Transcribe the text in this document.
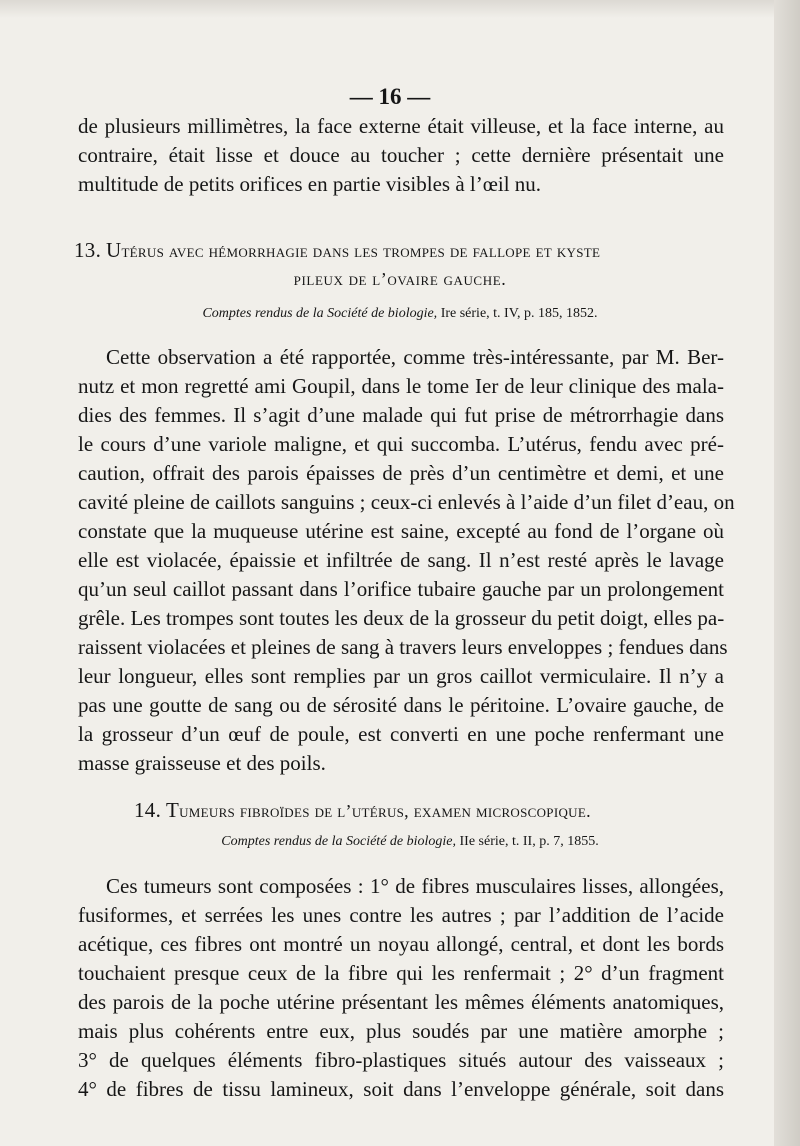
— 16 —
de plusieurs millimètres, la face externe était villeuse, et la face interne, au
contraire, était lisse et douce au toucher ; cette dernière présentait une
multitude de petits orifices en partie visibles à l’œil nu.
13. Utérus avec hémorrhagie dans les trompes de fallope et kyste
pileux de l’ovaire gauche.
Comptes rendus de la Société de biologie, Ire série, t. IV, p. 185, 1852.
Cette observation a été rapportée, comme très-intéressante, par M. Ber-
nutz et mon regretté ami Goupil, dans le tome Ier de leur clinique des mala-
dies des femmes. Il s’agit d’une malade qui fut prise de métrorrhagie dans
le cours d’une variole maligne, et qui succomba. L’utérus, fendu avec pré-
caution, offrait des parois épaisses de près d’un centimètre et demi, et une
cavité pleine de caillots sanguins ; ceux-ci enlevés à l’aide d’un filet d’eau, on
constate que la muqueuse utérine est saine, excepté au fond de l’organe où
elle est violacée, épaissie et infiltrée de sang. Il n’est resté après le lavage
qu’un seul caillot passant dans l’orifice tubaire gauche par un prolongement
grêle. Les trompes sont toutes les deux de la grosseur du petit doigt, elles pa-
raissent violacées et pleines de sang à travers leurs enveloppes ; fendues dans
leur longueur, elles sont remplies par un gros caillot vermiculaire. Il n’y a
pas une goutte de sang ou de sérosité dans le péritoine. L’ovaire gauche, de
la grosseur d’un œuf de poule, est converti en une poche renfermant une
masse graisseuse et des poils.
14. Tumeurs fibroïdes de l’utérus, examen microscopique.
Comptes rendus de la Société de biologie, IIe série, t. II, p. 7, 1855.
Ces tumeurs sont composées : 1° de fibres musculaires lisses, allongées,
fusiformes, et serrées les unes contre les autres ; par l’addition de l’acide
acétique, ces fibres ont montré un noyau allongé, central, et dont les bords
touchaient presque ceux de la fibre qui les renfermait ; 2° d’un fragment
des parois de la poche utérine présentant les mêmes éléments anatomiques,
mais plus cohérents entre eux, plus soudés par une matière amorphe ;
3° de quelques éléments fibro-plastiques situés autour des vaisseaux ;
4° de fibres de tissu lamineux, soit dans l’enveloppe générale, soit dans
